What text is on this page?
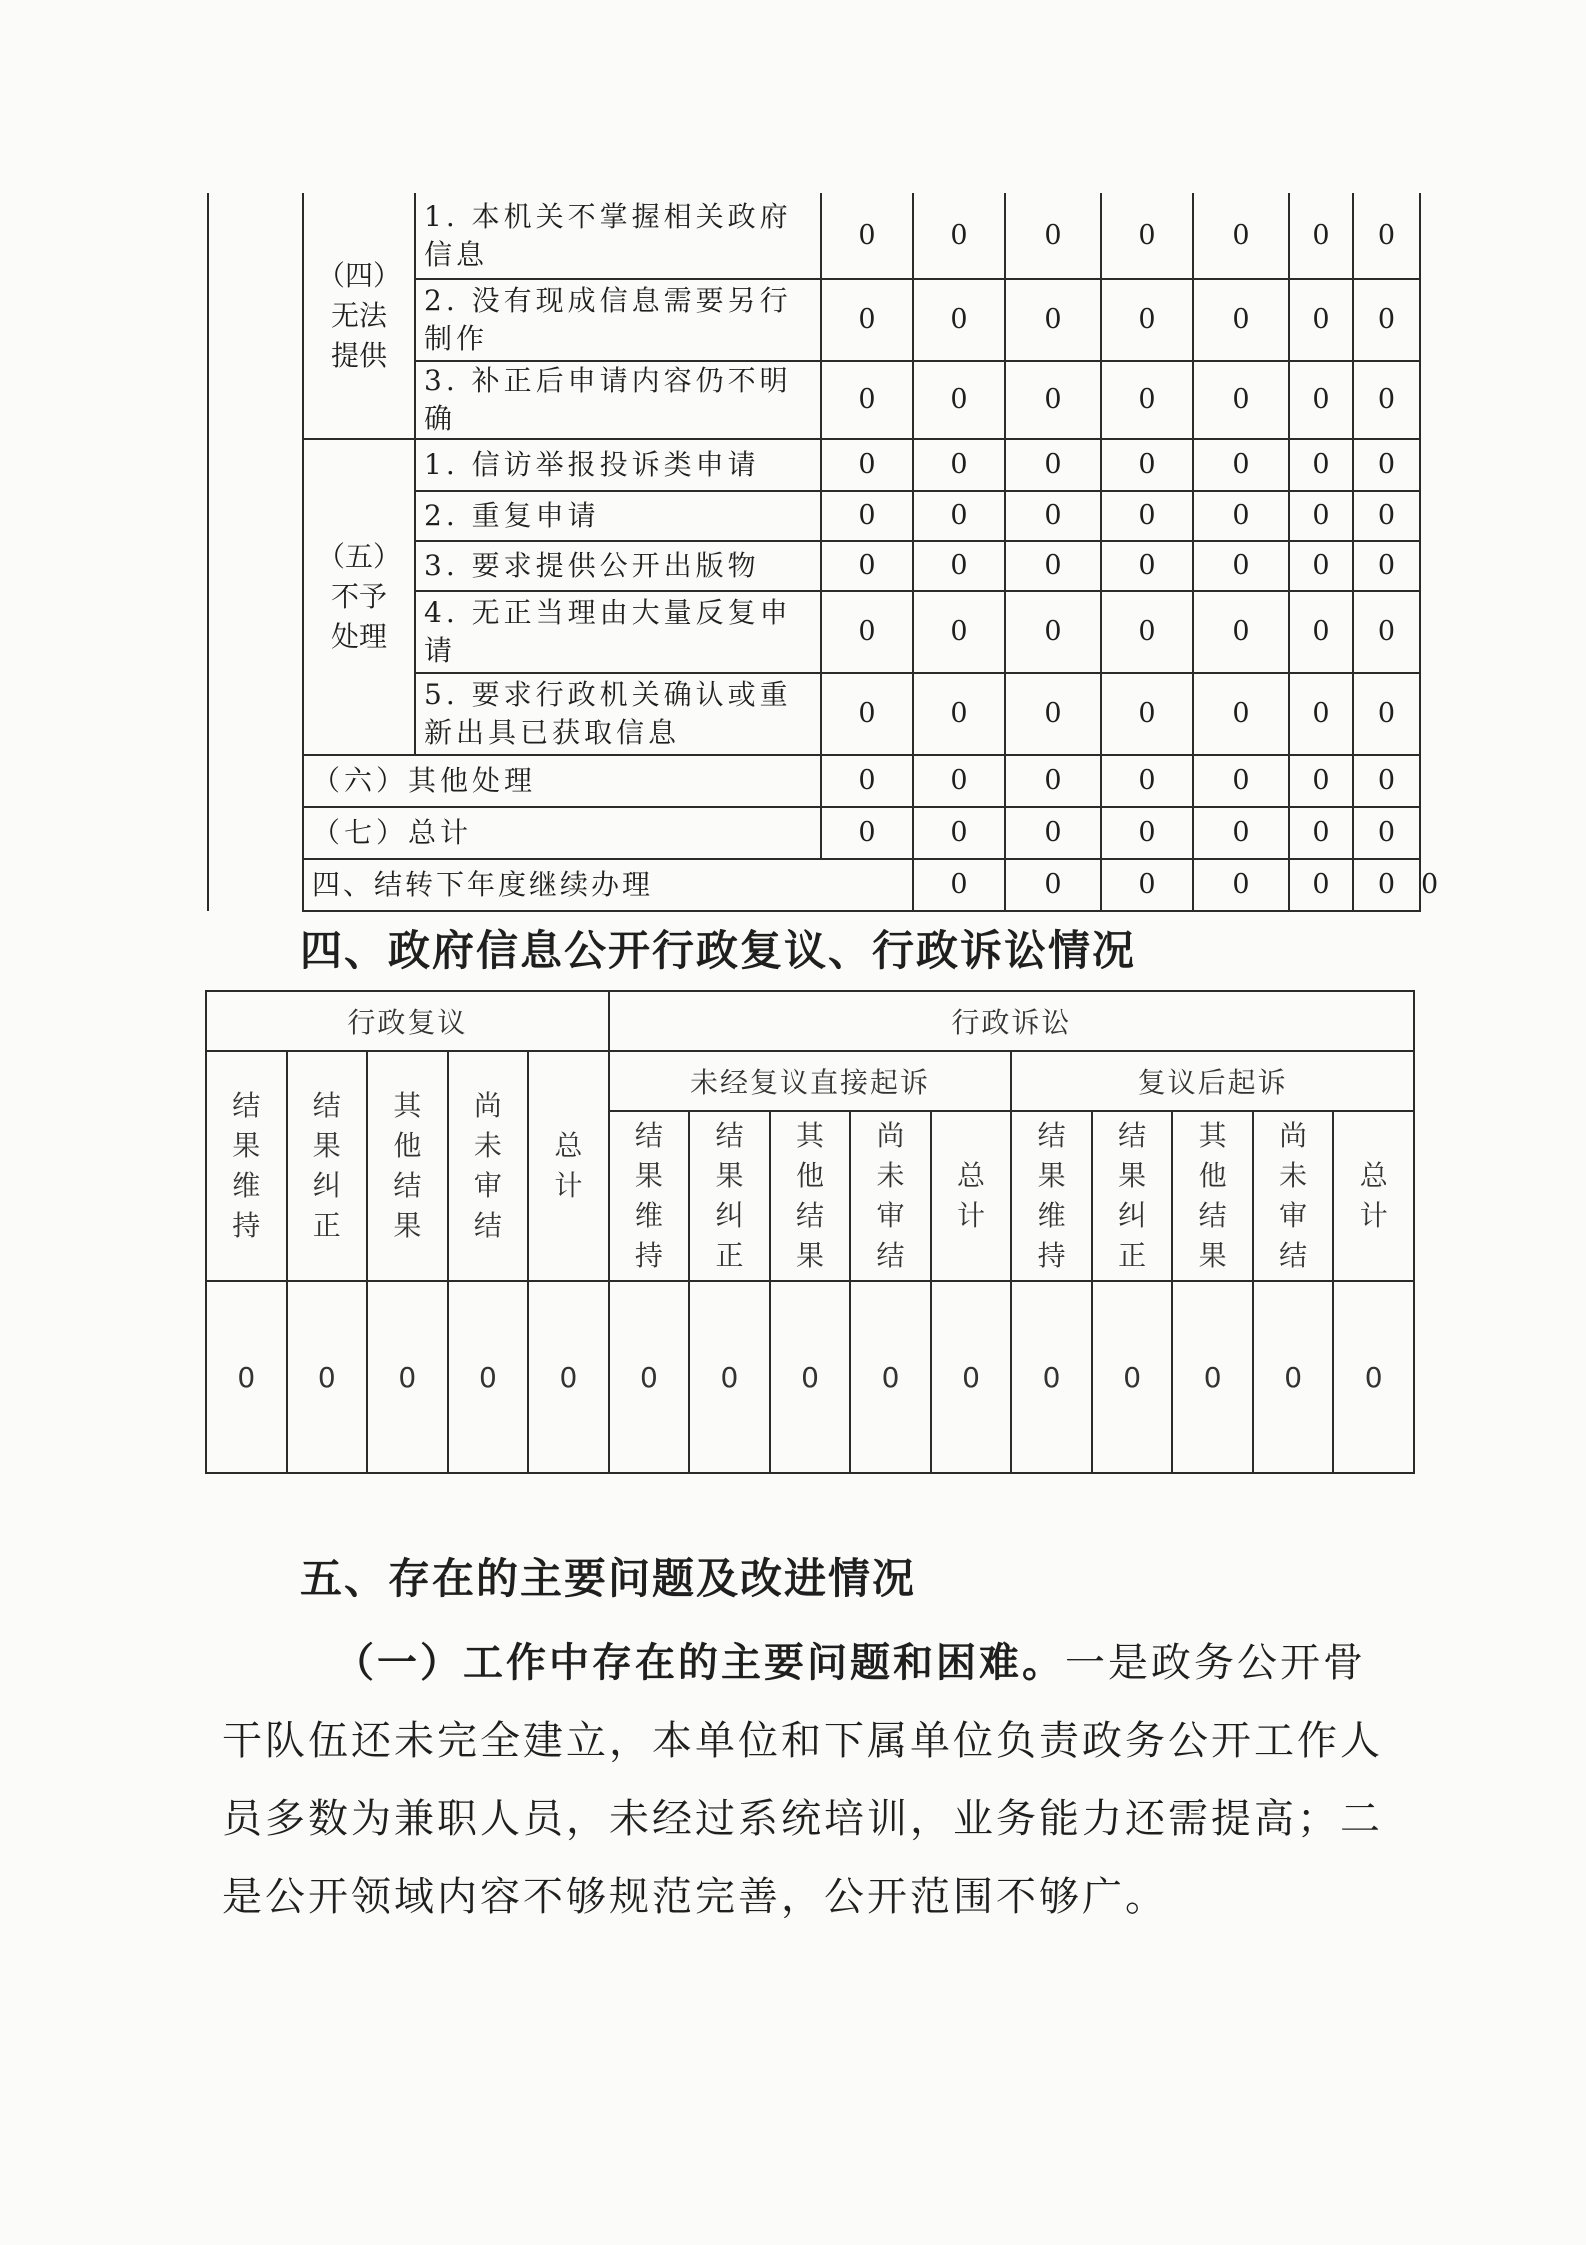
	（四）
无法
提供	1. 本机关不掌握相关政府信息	0	0	0	0	0	0	0	
		2. 没有现成信息需要另行制作	0	0	0	0	0	0	0	
		3. 补正后申请内容仍不明确	0	0	0	0	0	0	0	

	（五）
不予
处理	1. 信访举报投诉类申请	0	0	0	0	0	0	0	
		2. 重复申请	0	0	0	0	0	0	0	
		3. 要求提供公开出版物	0	0	0	0	0	0	0	
		4. 无正当理由大量反复申请	0	0	0	0	0	0	0	
		5. 要求行政机关确认或重新出具已获取信息	0	0	0	0	0	0	0	
	（六）其他处理		0	0	0	0	0	0	0	
	（七）总计		0	0	0	0	0	0	0	
	四、结转下年度继续办理			0	0	0	0	0	0	0
四、政府信息公开行政复议、行政诉讼情况
行政复议					行政诉讼									

结果维持	结果纠正	其他结果	尚未审结	总计	未经复议直接起诉					复议后起诉				

					结果维持	结果纠正	其他结果	尚未审结	总计	结果维持	结果纠正	其他结果	尚未审结	总计

0	0	0	0	0	0	0	0	0	0	0	0	0	0	0
五、存在的主要问题及改进情况

（一）工作中存在的主要问题和困难。一是政务公开骨干队伍还未完全建立，本单位和下属单位负责政务公开工作人员多数为兼职人员，未经过系统培训，业务能力还需提高；二是公开领域内容不够规范完善，公开范围不够广。
